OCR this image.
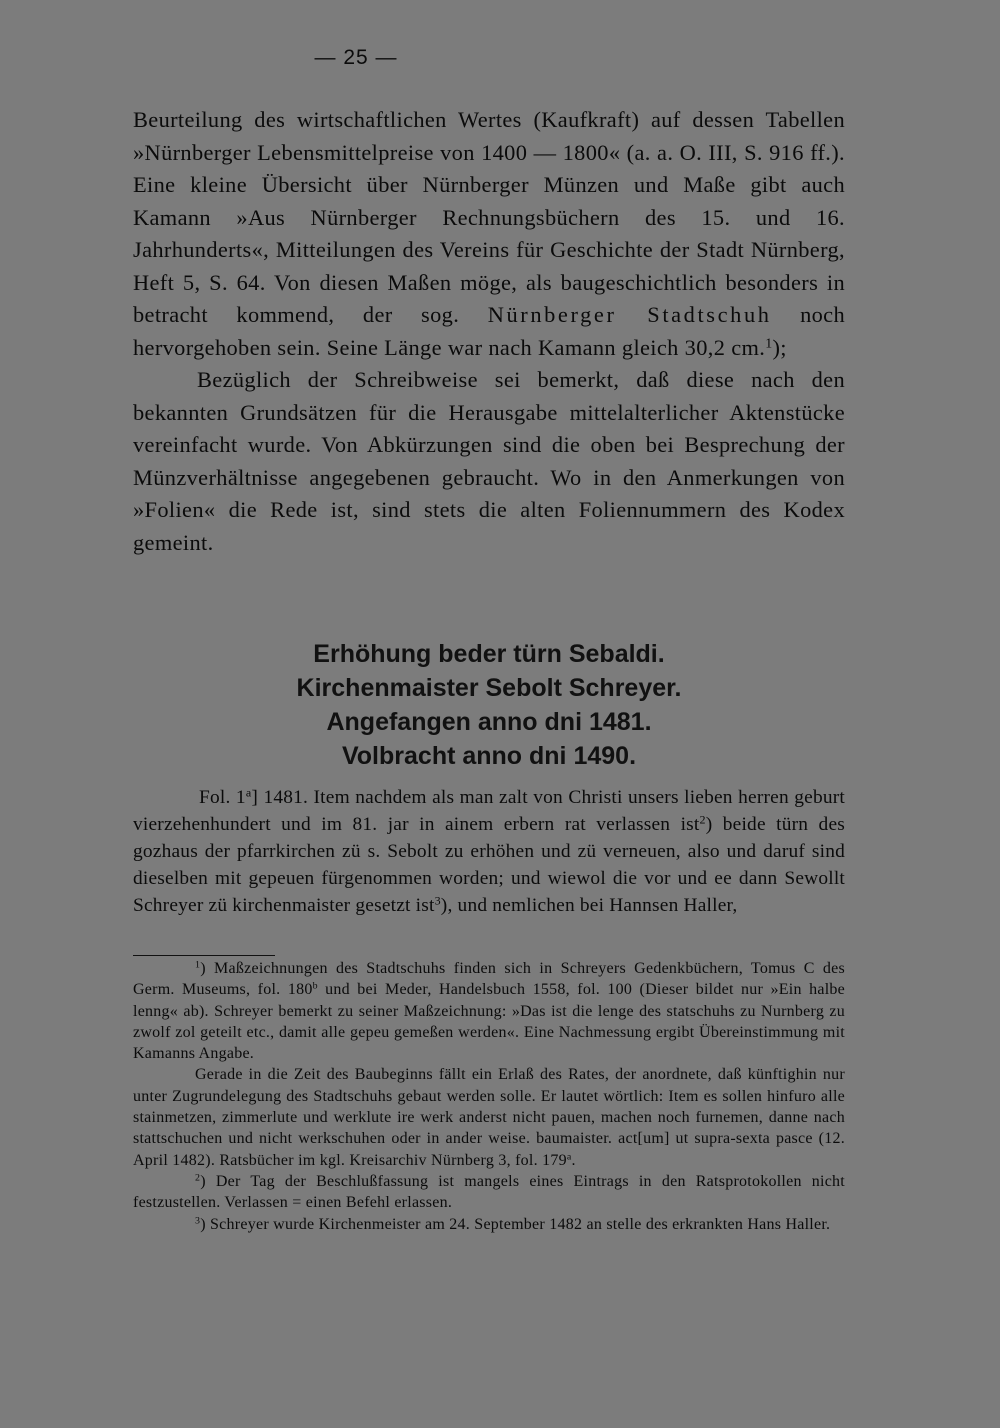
— 25 —

Beurteilung des wirtschaftlichen Wertes (Kaufkraft) auf dessen Tabellen »Nürnberger Lebensmittelpreise von 1400 — 1800« (a. a. O. III, S. 916 ff.). Eine kleine Übersicht über Nürnberger Münzen und Maße gibt auch Kamann »Aus Nürnberger Rechnungsbüchern des 15. und 16. Jahrhunderts«, Mitteilungen des Vereins für Geschichte der Stadt Nürnberg, Heft 5, S. 64. Von diesen Maßen möge, als baugeschichtlich besonders in betracht kommend, der sog. Nürnberger Stadtschuh noch hervorgehoben sein. Seine Länge war nach Kamann gleich 30,2 cm.$^1$);

Bezüglich der Schreibweise sei bemerkt, daß diese nach den bekannten Grundsätzen für die Herausgabe mittelalterlicher Aktenstücke vereinfacht wurde. Von Abkürzungen sind die oben bei Besprechung der Münzverhältnisse angegebenen gebraucht. Wo in den Anmerkungen von »Folien« die Rede ist, sind stets die alten Foliennummern des Kodex gemeint.

Erhöhung beder türn Sebaldi.
Kirchenmaister Sebolt Schreyer.
Angefangen anno dni 1481.
Volbracht anno dni 1490.

Fol. 1$^a$] 1481. Item nachdem als man zalt von Christi unsers lieben herren geburt vierzehenhundert und im 81. jar in ainem erbern rat verlassen ist$^2$) beide türn des gozhaus der pfarrkirchen zü s. Sebolt zu erhöhen und zü verneuen, also und daruf sind dieselben mit gepeuen fürgenommen worden; und wiewol die vor und ee dann Sewollt Schreyer zü kirchenmaister gesetzt ist$^3$), und nemlichen bei Hannsen Haller,

$^1$) Maßzeichnungen des Stadtschuhs finden sich in Schreyers Gedenkbüchern, Tomus C des Germ. Museums, fol. 180$^b$ und bei Meder, Handelsbuch 1558, fol. 100 (Dieser bildet nur »Ein halbe lenng« ab). Schreyer bemerkt zu seiner Maßzeichnung: »Das ist die lenge des statschuhs zu Nurnberg zu zwolf zol geteilt etc., damit alle gepeu gemeßen werden«. Eine Nachmessung ergibt Übereinstimmung mit Kamanns Angabe.

Gerade in die Zeit des Baubeginns fällt ein Erlaß des Rates, der anordnete, daß künftighin nur unter Zugrundelegung des Stadtschuhs gebaut werden solle. Er lautet wörtlich: Item es sollen hinfuro alle stainmetzen, zimmerlute und werklute ire werk anderst nicht pauen, machen noch furnemen, danne nach stattschuchen und nicht werkschuhen oder in ander weise. baumaister. act[um] ut supra-sexta pasce (12. April 1482). Ratsbücher im kgl. Kreisarchiv Nürnberg 3, fol. 179$^a$.

$^2$) Der Tag der Beschlußfassung ist mangels eines Eintrags in den Ratsprotokollen nicht festzustellen. Verlassen = einen Befehl erlassen.

$^3$) Schreyer wurde Kirchenmeister am 24. September 1482 an stelle des erkrankten Hans Haller.
